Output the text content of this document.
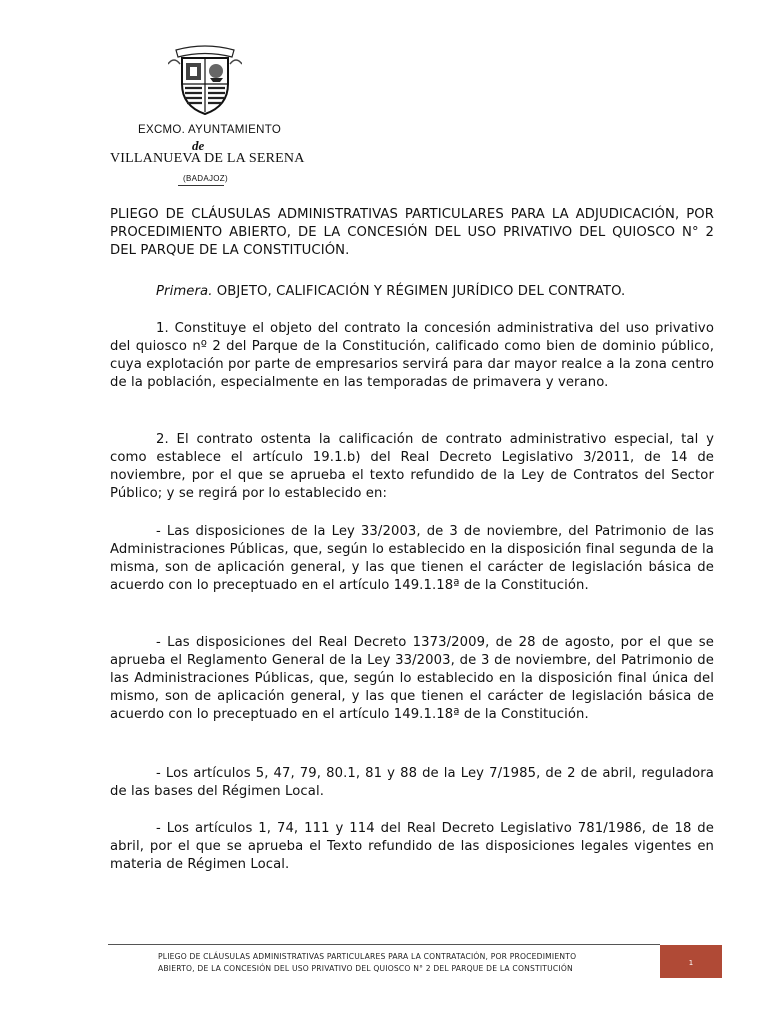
EXCMO. AYUNTAMIENTO
de
VILLANUEVA DE LA SERENA
(BADAJOZ)
PLIEGO DE CLÁUSULAS ADMINISTRATIVAS PARTICULARES PARA LA ADJUDICACIÓN, POR PROCEDIMIENTO ABIERTO, DE LA CONCESIÓN DEL USO PRIVATIVO DEL QUIOSCO N° 2 DEL PARQUE DE LA CONSTITUCIÓN.
Primera. OBJETO, CALIFICACIÓN Y RÉGIMEN JURÍDICO DEL CONTRATO.
1. Constituye el objeto del contrato la concesión administrativa del uso privativo del quiosco nº 2 del Parque de la Constitución, calificado como bien de dominio público, cuya explotación por parte de empresarios servirá para dar mayor realce a la zona centro de la población, especialmente en las temporadas de primavera y verano.
2. El contrato ostenta la calificación de contrato administrativo especial, tal y como establece el artículo 19.1.b) del Real Decreto Legislativo 3/2011, de 14 de noviembre, por el que se aprueba el texto refundido de la Ley de Contratos del Sector Público; y se regirá por lo establecido en:
- Las disposiciones de la Ley 33/2003, de 3 de noviembre, del Patrimonio de las Administraciones Públicas, que, según lo establecido en la disposición final segunda de la misma, son de aplicación general, y las que tienen el carácter de legislación básica de acuerdo con lo preceptuado en el artículo 149.1.18ª de la Constitución.
- Las disposiciones del Real Decreto 1373/2009, de 28 de agosto, por el que se aprueba el Reglamento General de la Ley 33/2003, de 3 de noviembre, del Patrimonio de las Administraciones Públicas, que, según lo establecido en la disposición final única del mismo, son de aplicación general, y las que tienen el carácter de legislación básica de acuerdo con lo preceptuado en el artículo 149.1.18ª de la Constitución.
- Los artículos 5, 47, 79, 80.1, 81 y 88 de la Ley 7/1985, de 2 de abril, reguladora de las bases del Régimen Local.
- Los artículos 1, 74, 111 y 114 del Real Decreto Legislativo 781/1986, de 18 de abril, por el que se aprueba el Texto refundido de las disposiciones legales vigentes en materia de Régimen Local.
PLIEGO DE CLÁUSULAS ADMINISTRATIVAS PARTICULARES PARA LA CONTRATACIÓN, POR PROCEDIMIENTO
ABIERTO, DE LA CONCESIÓN DEL USO PRIVATIVO DEL QUIOSCO N° 2 DEL PARQUE DE LA CONSTITUCIÓN
1
